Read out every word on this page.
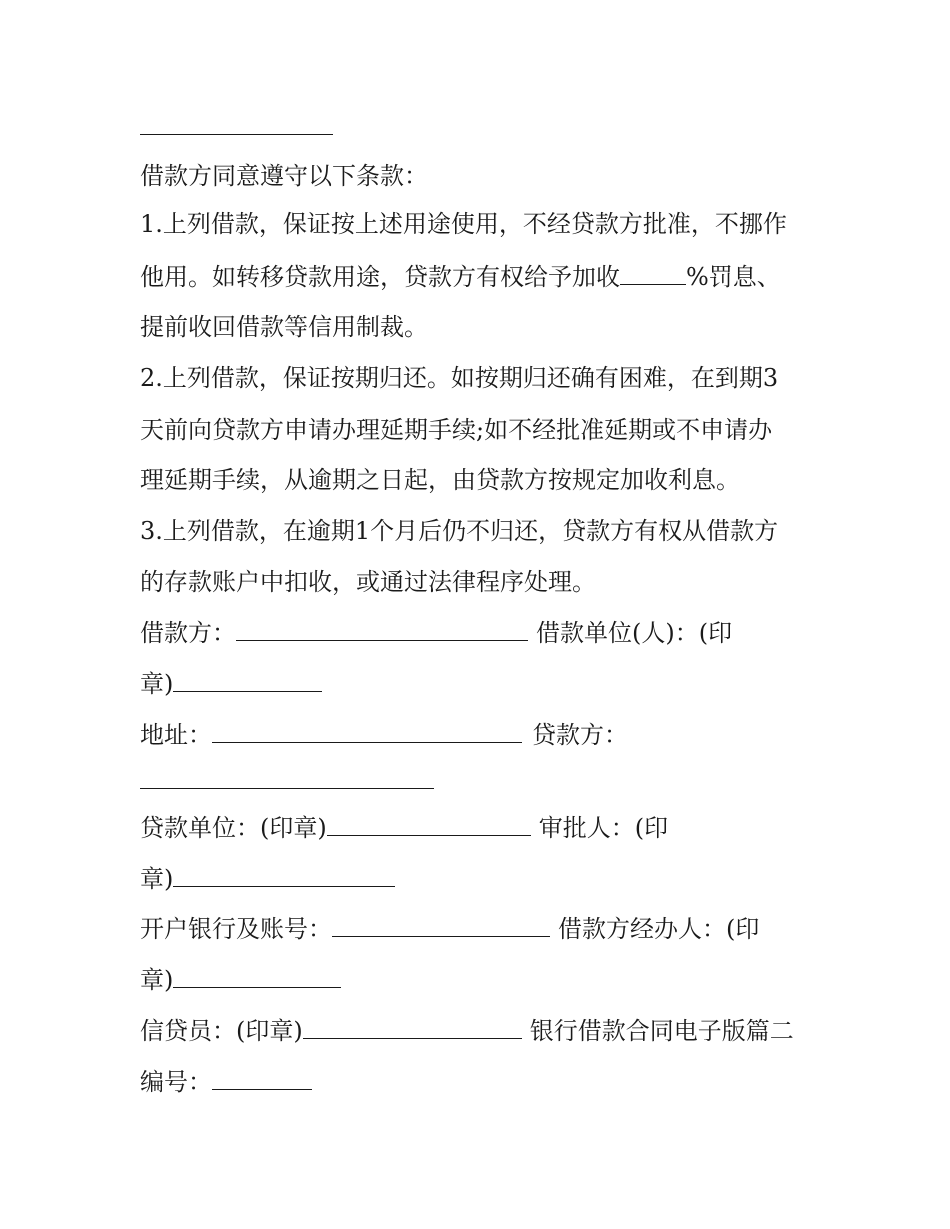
借款方同意遵守以下条款：
1.上列借款，保证按上述用途使用，不经贷款方批准，不挪作
他用。如转移贷款用途，贷款方有权给予加收	%罚息、
提前收回借款等信用制裁。
2.上列借款，保证按期归还。如按期归还确有困难，在到期3
天前向贷款方申请办理延期手续;如不经批准延期或不申请办
理延期手续，从逾期之日起，由贷款方按规定加收利息。
3.上列借款，在逾期1个月后仍不归还，贷款方有权从借款方
的存款账户中扣收，或通过法律程序处理。
借款方：	借款单位(人)：(印
章)
地址：	贷款方：
贷款单位：(印章)	审批人：(印
章)
开户银行及账号：	借款方经办人：(印
章)
信贷员：(印章)	银行借款合同电子版篇二
编号：
